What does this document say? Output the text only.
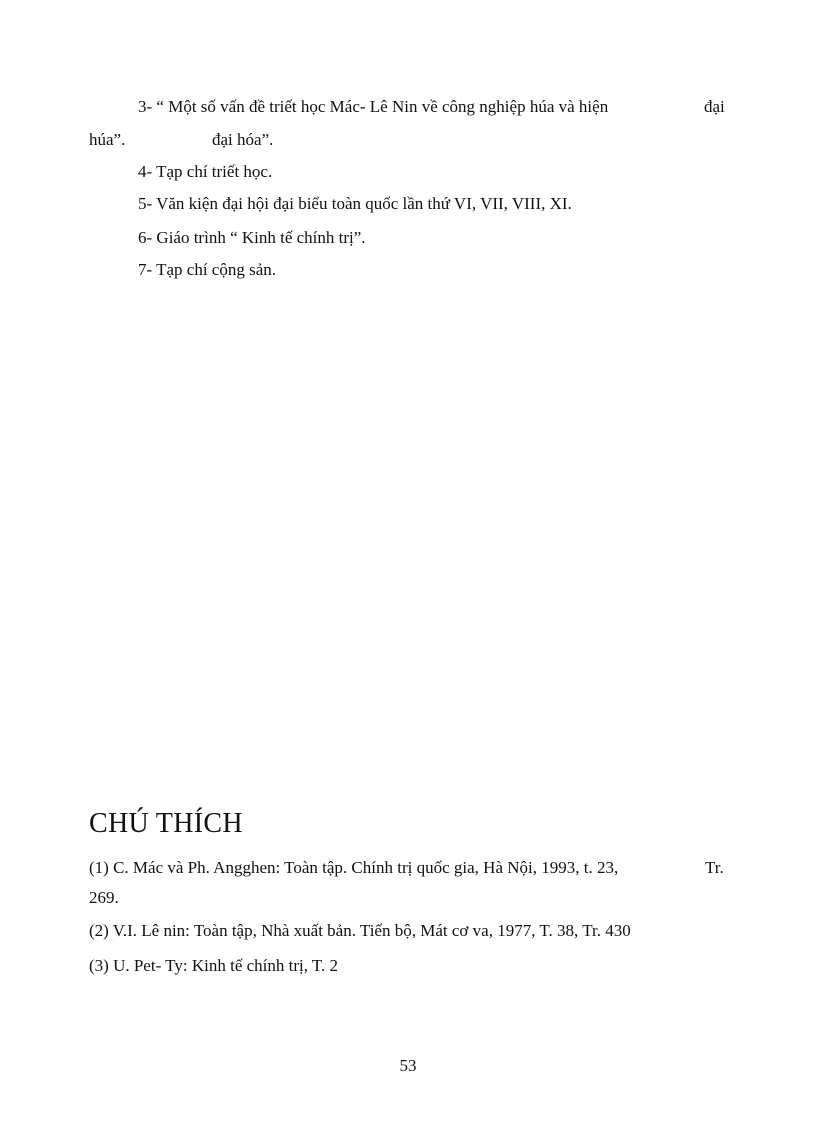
3- “ Một số vấn đề triết học Mác- Lê Nin về công nghiệp húa và hiện	đại

húa”.	đại hóa”.

4- Tạp chí triết học.

5- Văn kiện đại hội đại biểu toàn quốc lần thứ VI, VII, VIII, XI.

6- Giáo trình “ Kinh tế chính trị”.

7- Tạp chí cộng sản.

CHÚ THÍCH

(1) C. Mác và Ph. Angghen: Toàn tập. Chính trị quốc gia, Hà Nội, 1993, t. 23,	Tr.

269.

(2) V.I. Lê nin: Toàn tập, Nhà xuất bản. Tiến bộ, Mát cơ va, 1977, T. 38, Tr. 430

(3) U. Pet- Ty: Kinh tế chính trị, T. 2

53
